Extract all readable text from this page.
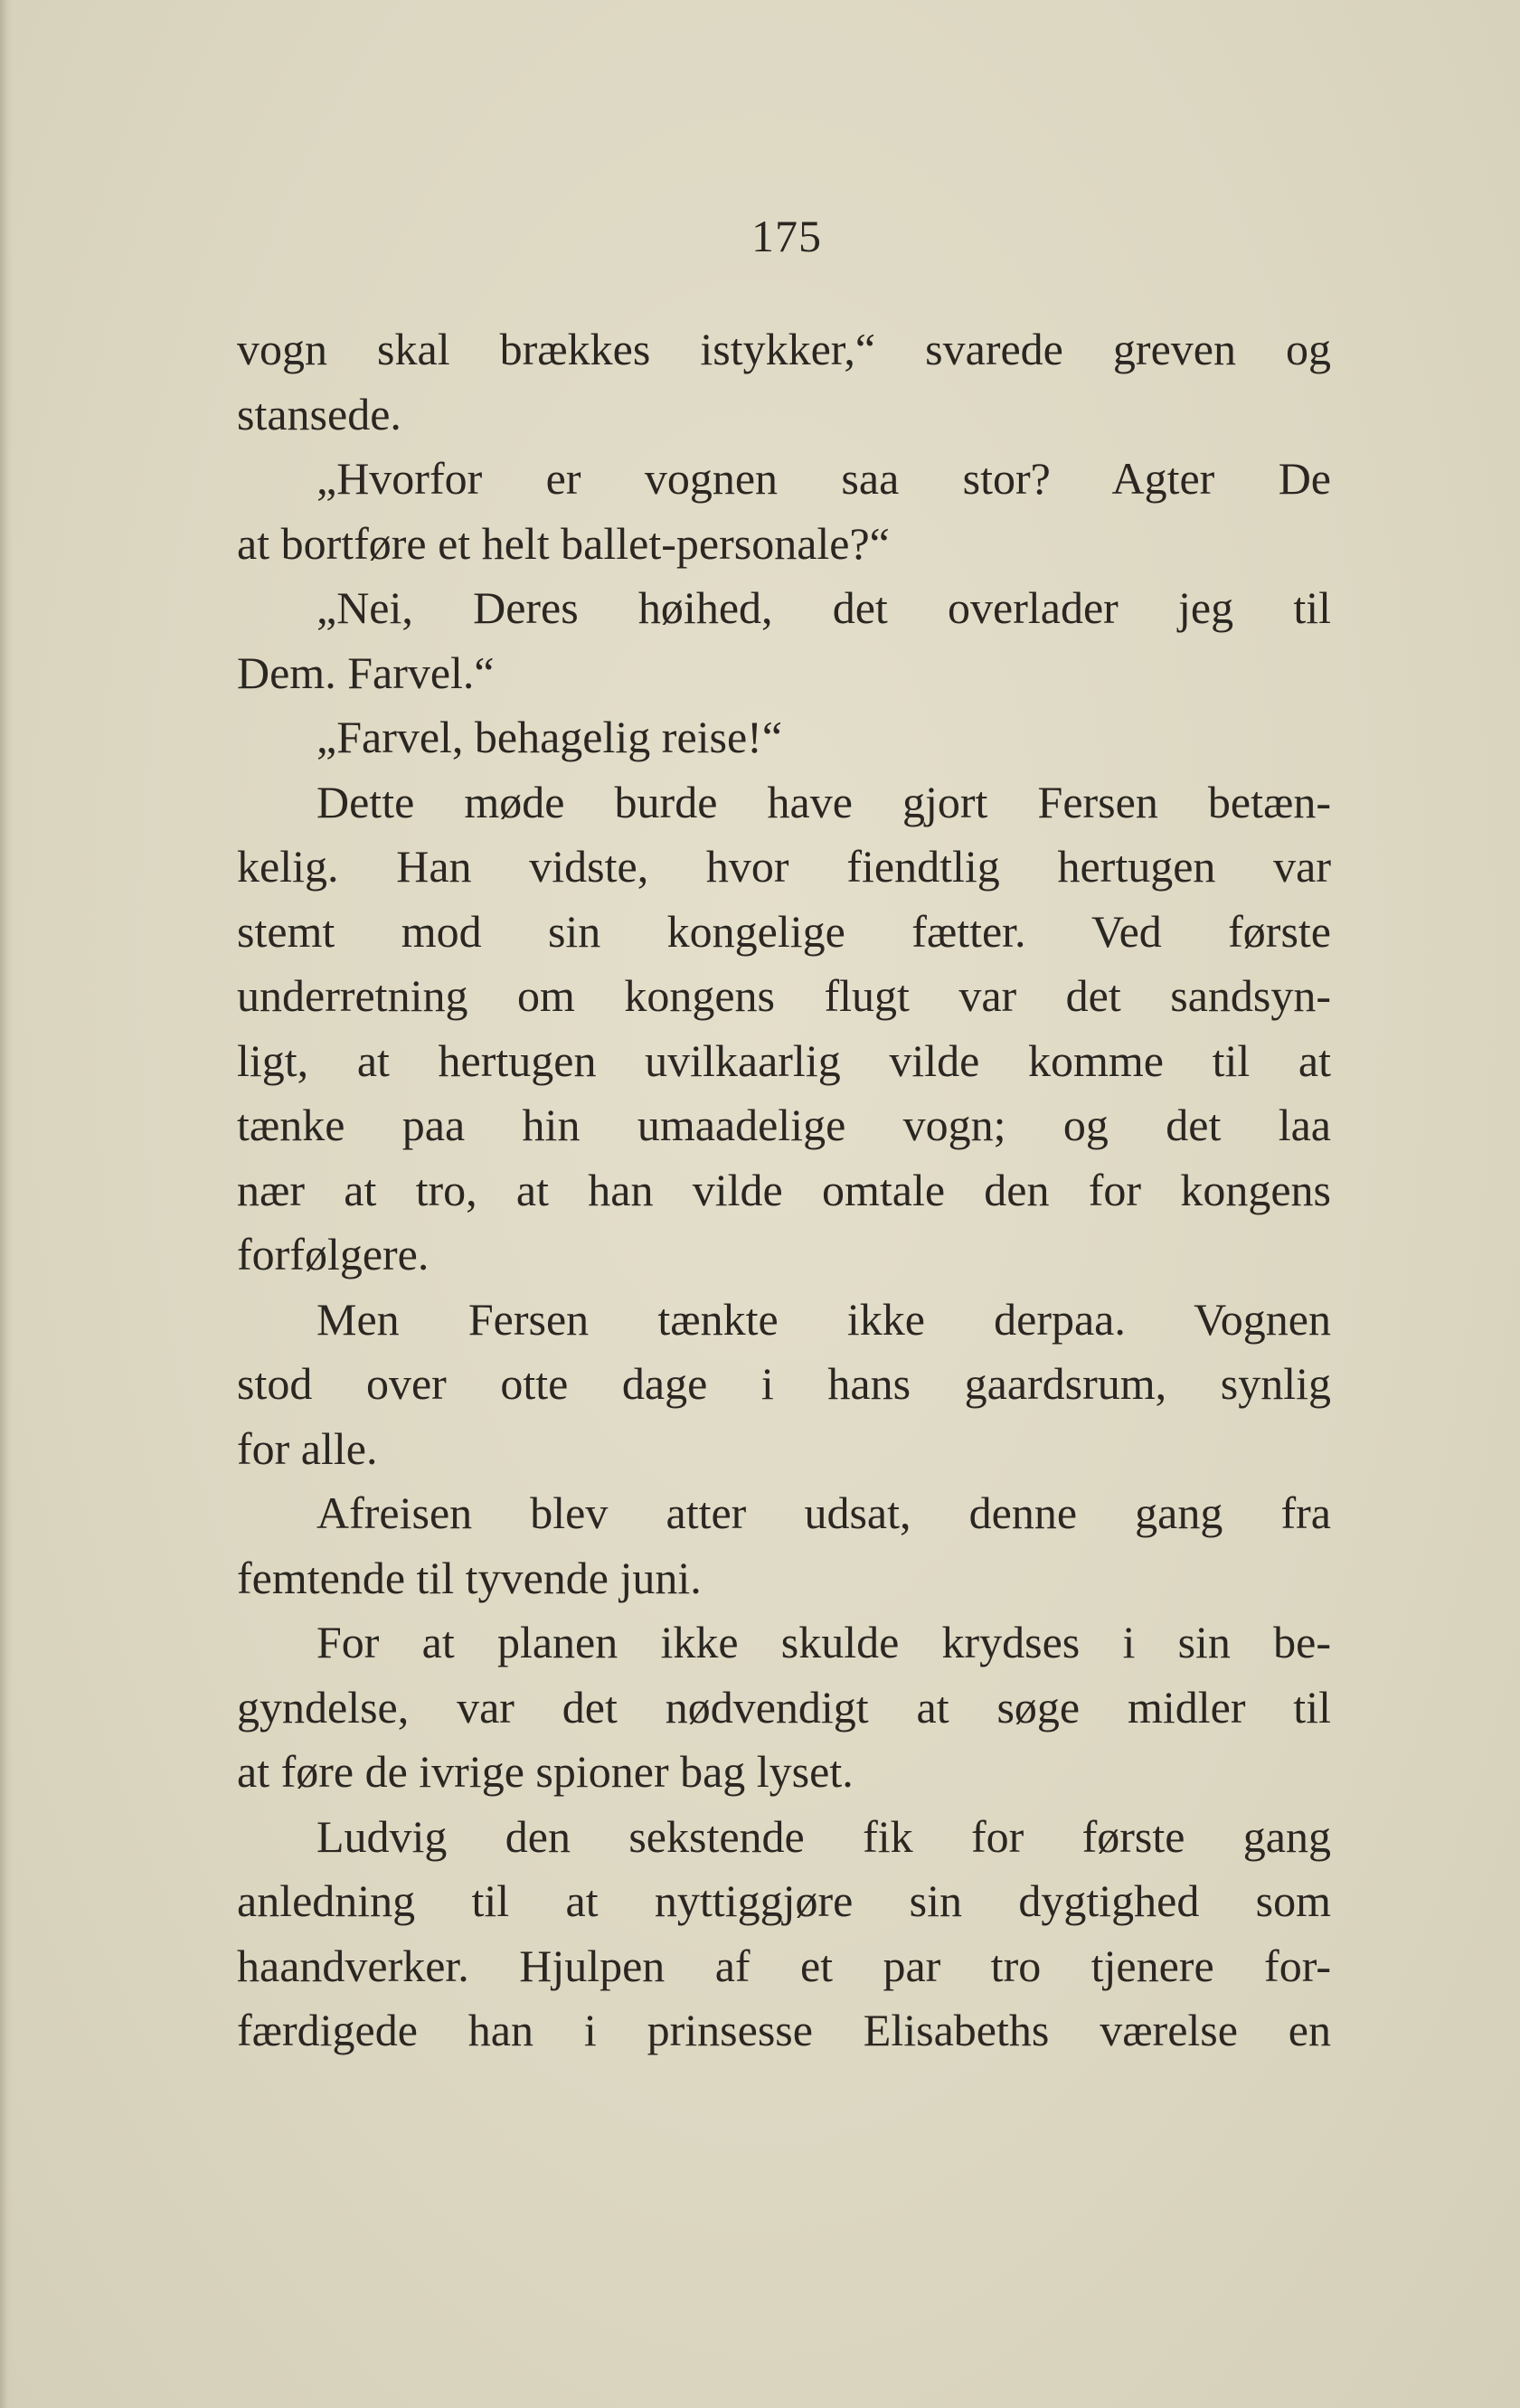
175
vogn skal brækkes istykker,“ svarede greven og
stansede.
„Hvorfor er vognen saa stor? Agter De
at bortføre et helt ballet-personale?“
„Nei, Deres høihed, det overlader jeg til
Dem. Farvel.“
„Farvel, behagelig reise!“
Dette møde burde have gjort Fersen betæn-
kelig. Han vidste, hvor fiendtlig hertugen var
stemt mod sin kongelige fætter. Ved første
underretning om kongens flugt var det sandsyn-
ligt, at hertugen uvilkaarlig vilde komme til at
tænke paa hin umaadelige vogn; og det laa
nær at tro, at han vilde omtale den for kongens
forfølgere.
Men Fersen tænkte ikke derpaa. Vognen
stod over otte dage i hans gaardsrum, synlig
for alle.
Afreisen blev atter udsat, denne gang fra
femtende til tyvende juni.
For at planen ikke skulde krydses i sin be-
gyndelse, var det nødvendigt at søge midler til
at føre de ivrige spioner bag lyset.
Ludvig den sekstende fik for første gang
anledning til at nyttiggjøre sin dygtighed som
haandverker. Hjulpen af et par tro tjenere for-
færdigede han i prinsesse Elisabeths værelse en
